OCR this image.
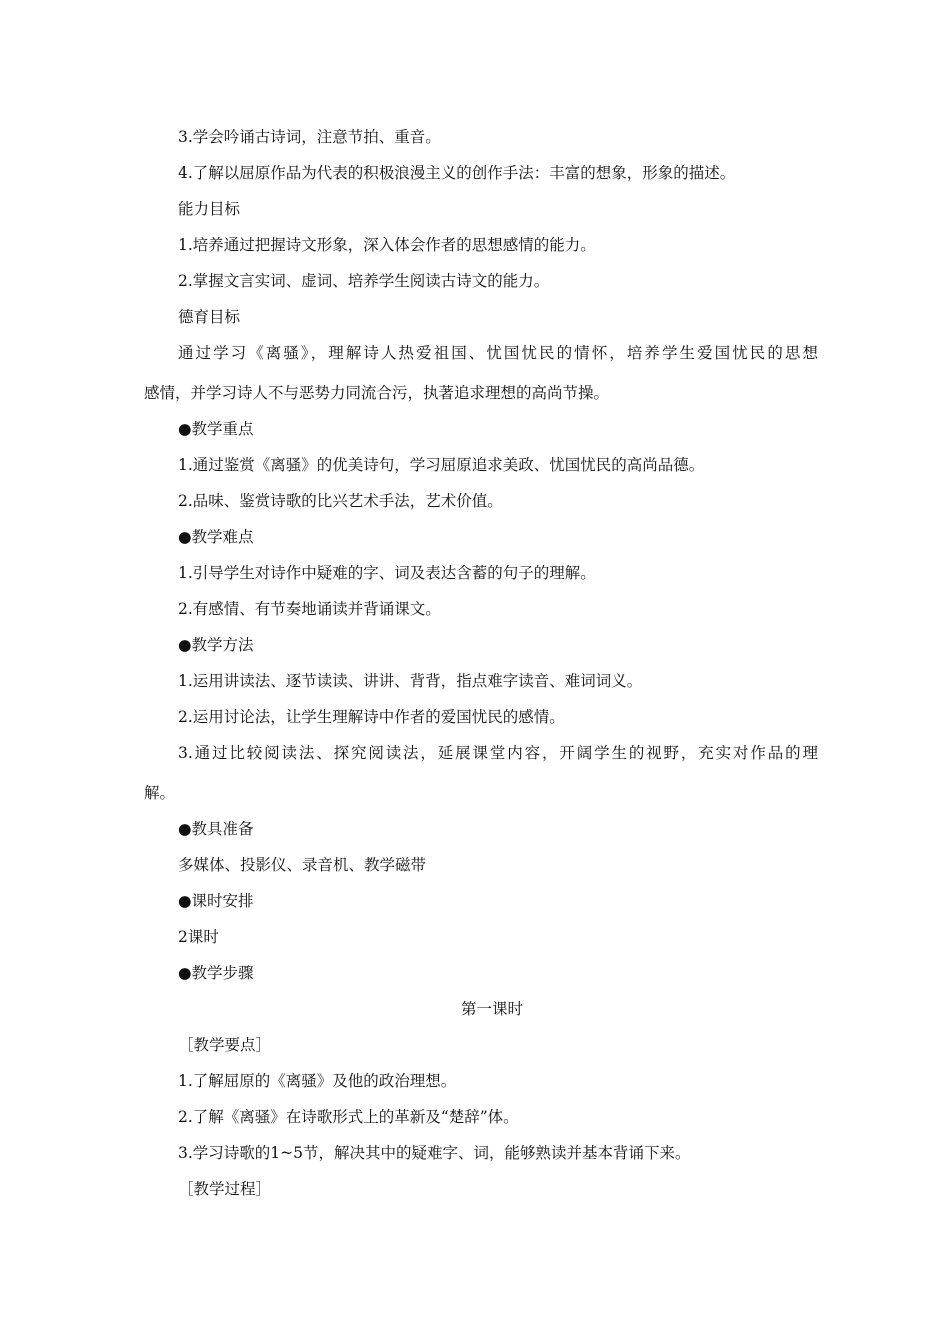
3.学会吟诵古诗词，注意节拍、重音。
4.了解以屈原作品为代表的积极浪漫主义的创作手法：丰富的想象，形象的描述。
能力目标
1.培养通过把握诗文形象，深入体会作者的思想感情的能力。
2.掌握文言实词、虚词、培养学生阅读古诗文的能力。
德育目标
通过学习《离骚》，理解诗人热爱祖国、忧国忧民的情怀，培养学生爱国忧民的思想
感情，并学习诗人不与恶势力同流合污，执著追求理想的高尚节操。
●教学重点
1.通过鉴赏《离骚》的优美诗句，学习屈原追求美政、忧国忧民的高尚品德。
2.品味、鉴赏诗歌的比兴艺术手法，艺术价值。
●教学难点
1.引导学生对诗作中疑难的字、词及表达含蓄的句子的理解。
2.有感情、有节奏地诵读并背诵课文。
●教学方法
1.运用讲读法、逐节读读、讲讲、背背，指点难字读音、难词词义。
2.运用讨论法，让学生理解诗中作者的爱国忧民的感情。
3.通过比较阅读法、探究阅读法，延展课堂内容，开阔学生的视野，充实对作品的理
解。
●教具准备
多媒体、投影仪、录音机、教学磁带
●课时安排
2课时
●教学步骤
第一课时
［教学要点］
1.了解屈原的《离骚》及他的政治理想。
2.了解《离骚》在诗歌形式上的革新及“楚辞”体。
3.学习诗歌的1~5节，解决其中的疑难字、词，能够熟读并基本背诵下来。
［教学过程］
